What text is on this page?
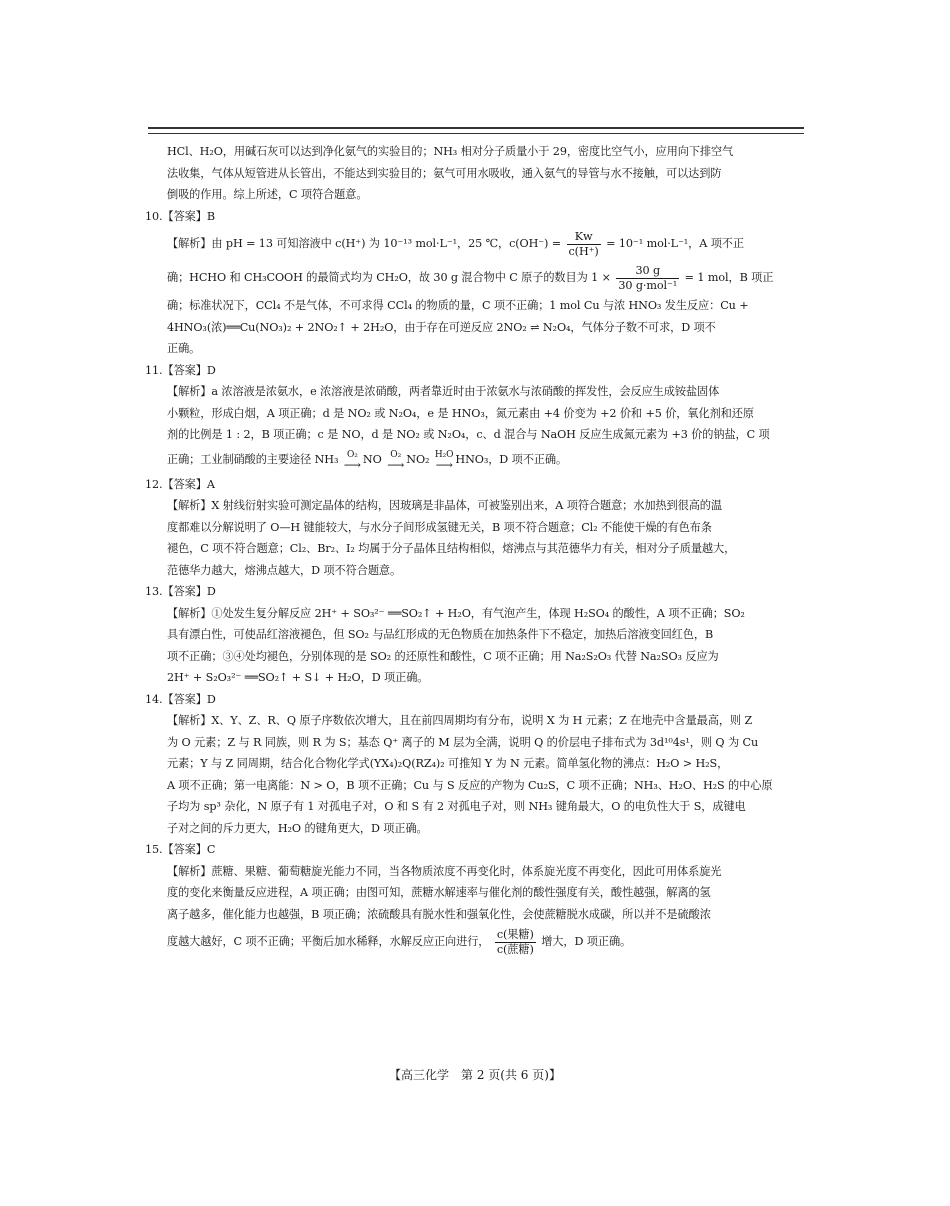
HCl、H₂O，用碱石灰可以达到净化氨气的实验目的；NH₃ 相对分子质量小于 29，密度比空气小，应用向下排空气

法收集，气体从短管进从长管出，不能达到实验目的；氨气可用水吸收，通入氨气的导管与水不接触，可以达到防

倒吸的作用。综上所述，C 项符合题意。

10.【答案】B

【解析】由 pH = 13 可知溶液中 c(H⁺) 为 10⁻¹³ mol·L⁻¹，25 ℃，$c(OH^-) = \frac{Kw}{c(H^+)} = 10^{-1}$ mol·L⁻¹，A 项不正

确；HCHO 和 CH₃COOH 的最简式均为 CH₂O，故 30 g 混合物中 C 原子的数目为 $1 \times \frac{30 g}{\text{30 g·mol⁻¹}} = 1$ mol，B 项正

确；标准状况下，CCl₄ 不是气体，不可求得 CCl₄ 的物质的量，C 项不正确；1 mol Cu 与浓 HNO₃ 发生反应：Cu +

4HNO₃(浓)══Cu(NO₃)₂ + 2NO₂↑ + 2H₂O，由于存在可逆反应 2NO₂ ⇌ N₂O₄，气体分子数不可求，D 项不

正确。

11.【答案】D

【解析】a 浓溶液是浓氨水，e 浓溶液是浓硝酸，两者靠近时由于浓氨水与浓硝酸的挥发性，会反应生成铵盐固体

小颗粒，形成白烟，A 项正确；d 是 NO₂ 或 N₂O₄，e 是 HNO₃，氮元素由 +4 价变为 +2 价和 +5 价，氧化剂和还原

剂的比例是 1 : 2，B 项正确；c 是 NO，d 是 NO₂ 或 N₂O₄，c、d 混合与 NaOH 反应生成氮元素为 +3 价的钠盐，C 项

正确；工业制硝酸的主要途径 NH₃ O₂
⟶ NO O₂
⟶ NO₂ H₂O
⟶ HNO₃，D 项不正确。

12.【答案】A

【解析】X 射线衍射实验可测定晶体的结构，因玻璃是非晶体，可被鉴别出来，A 项符合题意；水加热到很高的温

度都难以分解说明了 O—H 键能较大，与水分子间形成氢键无关，B 项不符合题意；Cl₂ 不能使干燥的有色布条

褪色，C 项不符合题意；Cl₂、Br₂、I₂ 均属于分子晶体且结构相似，熔沸点与其范德华力有关，相对分子质量越大，

范德华力越大，熔沸点越大，D 项不符合题意。

13.【答案】D

【解析】①处发生复分解反应 2H⁺ + SO₃²⁻ ══SO₂↑ + H₂O，有气泡产生，体现 H₂SO₄ 的酸性，A 项不正确；SO₂

具有漂白性，可使品红溶液褪色，但 SO₂ 与品红形成的无色物质在加热条件下不稳定，加热后溶液变回红色，B

项不正确；③④处均褪色，分别体现的是 SO₂ 的还原性和酸性，C 项不正确；用 Na₂S₂O₃ 代替 Na₂SO₃ 反应为

2H⁺ + S₂O₃²⁻ ══SO₂↑ + S↓ + H₂O，D 项正确。

14.【答案】D

【解析】X、Y、Z、R、Q 原子序数依次增大，且在前四周期均有分布，说明 X 为 H 元素；Z 在地壳中含量最高，则 Z

为 O 元素；Z 与 R 同族，则 R 为 S；基态 Q⁺ 离子的 M 层为全满，说明 Q 的价层电子排布式为 3d¹⁰4s¹，则 Q 为 Cu

元素；Y 与 Z 同周期，结合化合物化学式(YX₄)₂Q(RZ₄)₂ 可推知 Y 为 N 元素。简单氢化物的沸点：H₂O > H₂S，

A 项不正确；第一电离能：N > O，B 项不正确；Cu 与 S 反应的产物为 Cu₂S，C 项不正确；NH₃、H₂O、H₂S 的中心原

子均为 sp³ 杂化，N 原子有 1 对孤电子对，O 和 S 有 2 对孤电子对，则 NH₃ 键角最大，O 的电负性大于 S，成键电

子对之间的斥力更大，H₂O 的键角更大，D 项正确。

15.【答案】C

【解析】蔗糖、果糖、葡萄糖旋光能力不同，当各物质浓度不再变化时，体系旋光度不再变化，因此可用体系旋光

度的变化来衡量反应进程，A 项正确；由图可知，蔗糖水解速率与催化剂的酸性强度有关，酸性越强，解离的氢

离子越多，催化能力也越强，B 项正确；浓硫酸具有脱水性和强氧化性，会使蔗糖脱水成碳，所以并不是硫酸浓

度越大越好，C 项不正确；平衡后加水稀释，水解反应正向进行， $\frac{\text{c(果糖)}}{\text{c(蔗糖)}}$ 增大，D 项正确。

【高三化学　第 2 页(共 6 页)】
